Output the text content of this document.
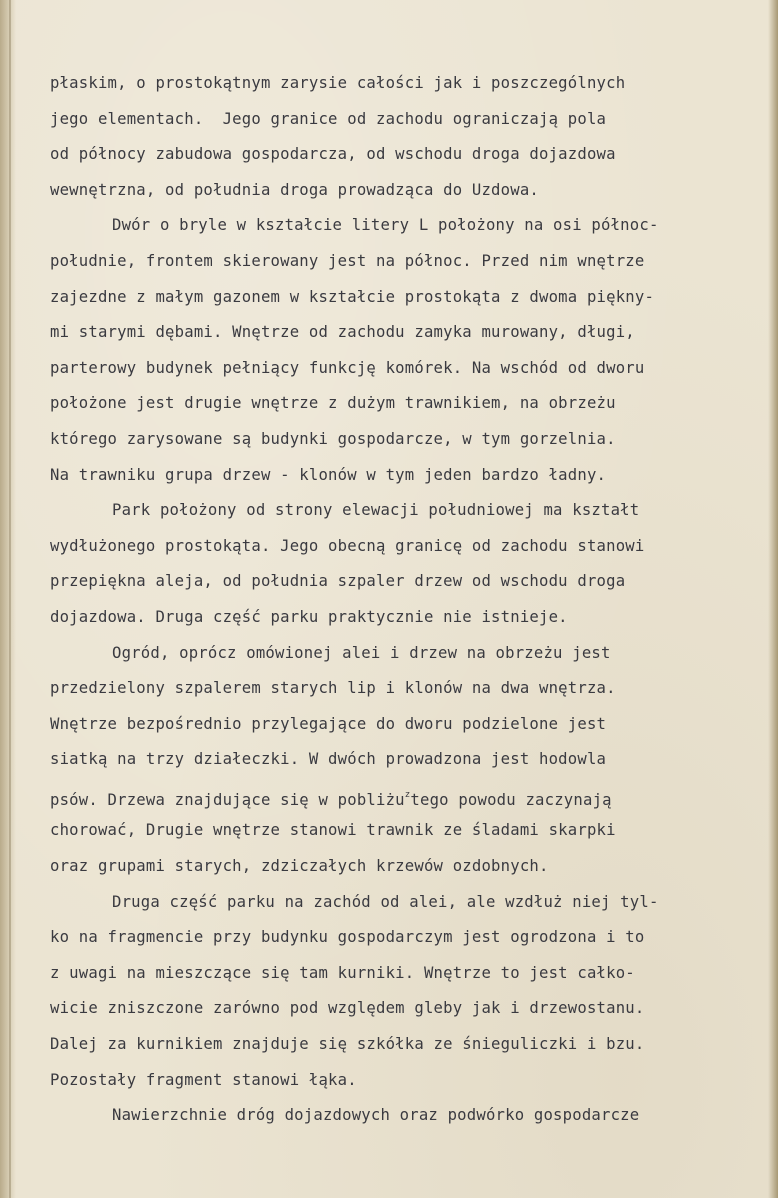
płaskim, o prostokątnym zarysie całości jak i poszczególnych
jego elementach.  Jego granice od zachodu ograniczają pola
od północy zabudowa gospodarcza, od wschodu droga dojazdowa
wewnętrzna, od południa droga prowadząca do Uzdowa.
Dwór o bryle w kształcie litery L położony na osi północ-
południe, frontem skierowany jest na północ. Przed nim wnętrze
zajezdne z małym gazonem w kształcie prostokąta z dwoma piękny-
mi starymi dębami. Wnętrze od zachodu zamyka murowany, długi,
parterowy budynek pełniący funkcję komórek. Na wschód od dworu
położone jest drugie wnętrze z dużym trawnikiem, na obrzeżu
którego zarysowane są budynki gospodarcze, w tym gorzelnia.
Na trawniku grupa drzew - klonów w tym jeden bardzo ładny.
Park położony od strony elewacji południowej ma kształt
wydłużonego prostokąta. Jego obecną granicę od zachodu stanowi
przepiękna aleja, od południa szpaler drzew od wschodu droga
dojazdowa. Druga część parku praktycznie nie istnieje.
Ogród, oprócz omówionej alei i drzew na obrzeżu jest
przedzielony szpalerem starych lip i klonów na dwa wnętrza.
Wnętrze bezpośrednio przylegające do dworu podzielone jest
siatką na trzy działeczki. W dwóch prowadzona jest hodowla
psów. Drzewa znajdujące się w pobliżu$^z$tego powodu zaczynają
chorować, Drugie wnętrze stanowi trawnik ze śladami skarpki
oraz grupami starych, zdziczałych krzewów ozdobnych.
Druga część parku na zachód od alei, ale wzdłuż niej tyl-
ko na fragmencie przy budynku gospodarczym jest ogrodzona i to
z uwagi na mieszczące się tam kurniki. Wnętrze to jest całko-
wicie zniszczone zarówno pod względem gleby jak i drzewostanu.
Dalej za kurnikiem znajduje się szkółka ze śnieguliczki i bzu.
Pozostały fragment stanowi łąka.
Nawierzchnie dróg dojazdowych oraz podwórko gospodarcze
